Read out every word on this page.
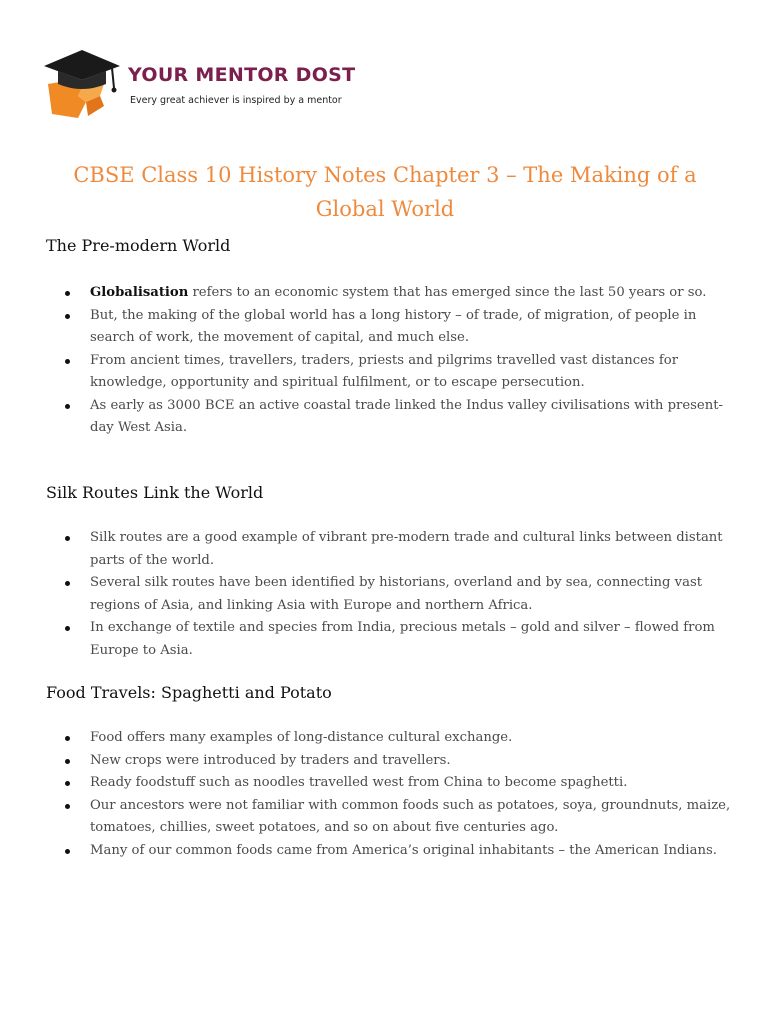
YOUR MENTOR DOST
Every great achiever is inspired by a mentor
CBSE Class 10 History Notes Chapter 3 – The Making of a Global World
The Pre-modern World
Globalisation refers to an economic system that has emerged since the last 50 years or so.
But, the making of the global world has a long history – of trade, of migration, of people in search of work, the movement of capital, and much else.
From ancient times, travellers, traders, priests and pilgrims travelled vast distances for knowledge, opportunity and spiritual fulfilment, or to escape persecution.
As early as 3000 BCE an active coastal trade linked the Indus valley civilisations with present-day West Asia.
Silk Routes Link the World
Silk routes are a good example of vibrant pre-modern trade and cultural links between distant parts of the world.
Several silk routes have been identified by historians, overland and by sea, connecting vast regions of Asia, and linking Asia with Europe and northern Africa.
In exchange of textile and species from India, precious metals – gold and silver – flowed from Europe to Asia.
Food Travels: Spaghetti and Potato
Food offers many examples of long-distance cultural exchange.
New crops were introduced by traders and travellers.
Ready foodstuff such as noodles travelled west from China to become spaghetti.
Our ancestors were not familiar with common foods such as potatoes, soya, groundnuts, maize, tomatoes, chillies, sweet potatoes, and so on about five centuries ago.
Many of our common foods came from America’s original inhabitants – the American Indians.
